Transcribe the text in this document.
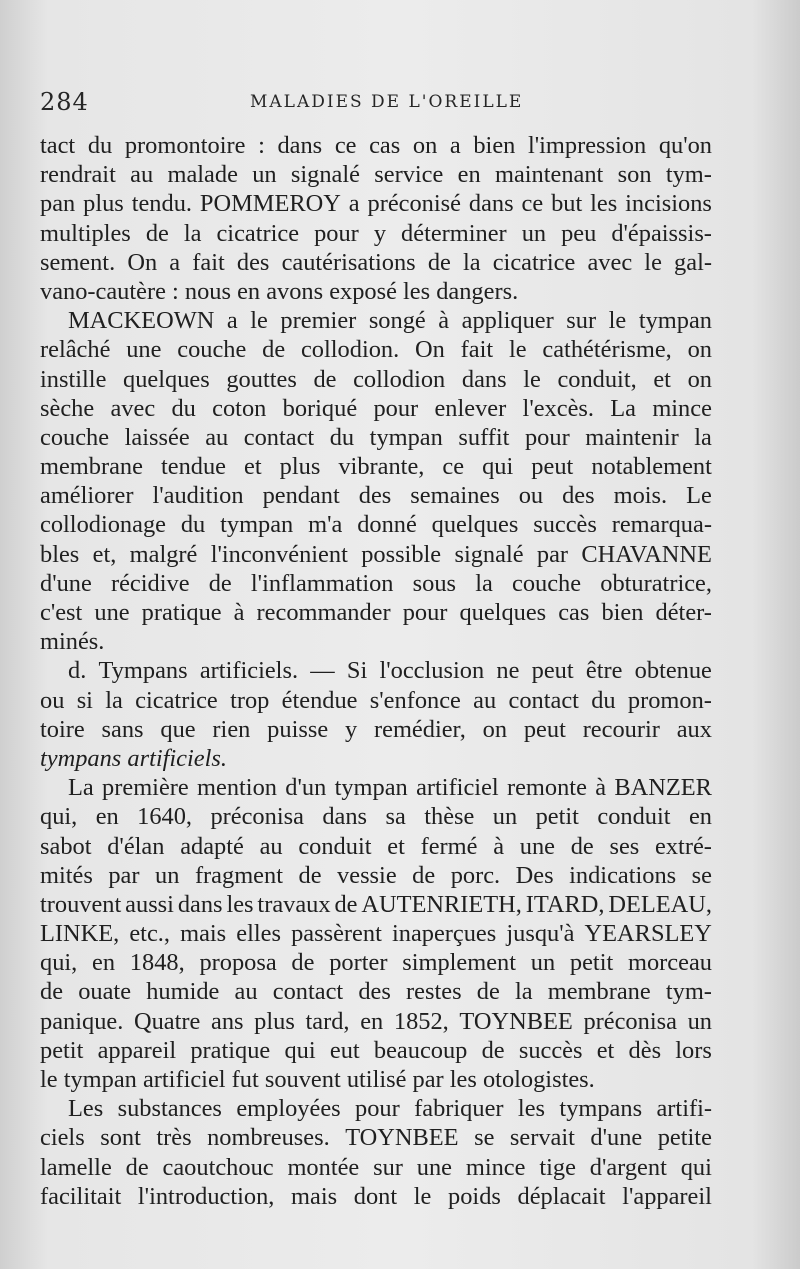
284	MALADIES DE L'OREILLE
tact du promontoire : dans ce cas on a bien l'impression qu'on
rendrait au malade un signalé service en maintenant son tym-
pan plus tendu. POMMEROY a préconisé dans ce but les incisions
multiples de la cicatrice pour y déterminer un peu d'épaissis-
sement. On a fait des cautérisations de la cicatrice avec le gal-
vano-cautère : nous en avons exposé les dangers.
MACKEOWN a le premier songé à appliquer sur le tympan
relâché une couche de collodion. On fait le cathétérisme, on
instille quelques gouttes de collodion dans le conduit, et on
sèche avec du coton boriqué pour enlever l'excès. La mince
couche laissée au contact du tympan suffit pour maintenir la
membrane tendue et plus vibrante, ce qui peut notablement
améliorer l'audition pendant des semaines ou des mois. Le
collodionage du tympan m'a donné quelques succès remarqua-
bles et, malgré l'inconvénient possible signalé par CHAVANNE
d'une récidive de l'inflammation sous la couche obturatrice,
c'est une pratique à recommander pour quelques cas bien déter-
minés.
d. Tympans artificiels. — Si l'occlusion ne peut être obtenue
ou si la cicatrice trop étendue s'enfonce au contact du promon-
toire sans que rien puisse y remédier, on peut recourir aux
tympans artificiels.
La première mention d'un tympan artificiel remonte à BANZER
qui, en 1640, préconisa dans sa thèse un petit conduit en
sabot d'élan adapté au conduit et fermé à une de ses extré-
mités par un fragment de vessie de porc. Des indications se
trouvent aussi dans les travaux de AUTENRIETH, ITARD, DELEAU,
LINKE, etc., mais elles passèrent inaperçues jusqu'à YEARSLEY
qui, en 1848, proposa de porter simplement un petit morceau
de ouate humide au contact des restes de la membrane tym-
panique. Quatre ans plus tard, en 1852, TOYNBEE préconisa un
petit appareil pratique qui eut beaucoup de succès et dès lors
le tympan artificiel fut souvent utilisé par les otologistes.
Les substances employées pour fabriquer les tympans artifi-
ciels sont très nombreuses. TOYNBEE se servait d'une petite
lamelle de caoutchouc montée sur une mince tige d'argent qui
facilitait l'introduction, mais dont le poids déplacait l'appareil
